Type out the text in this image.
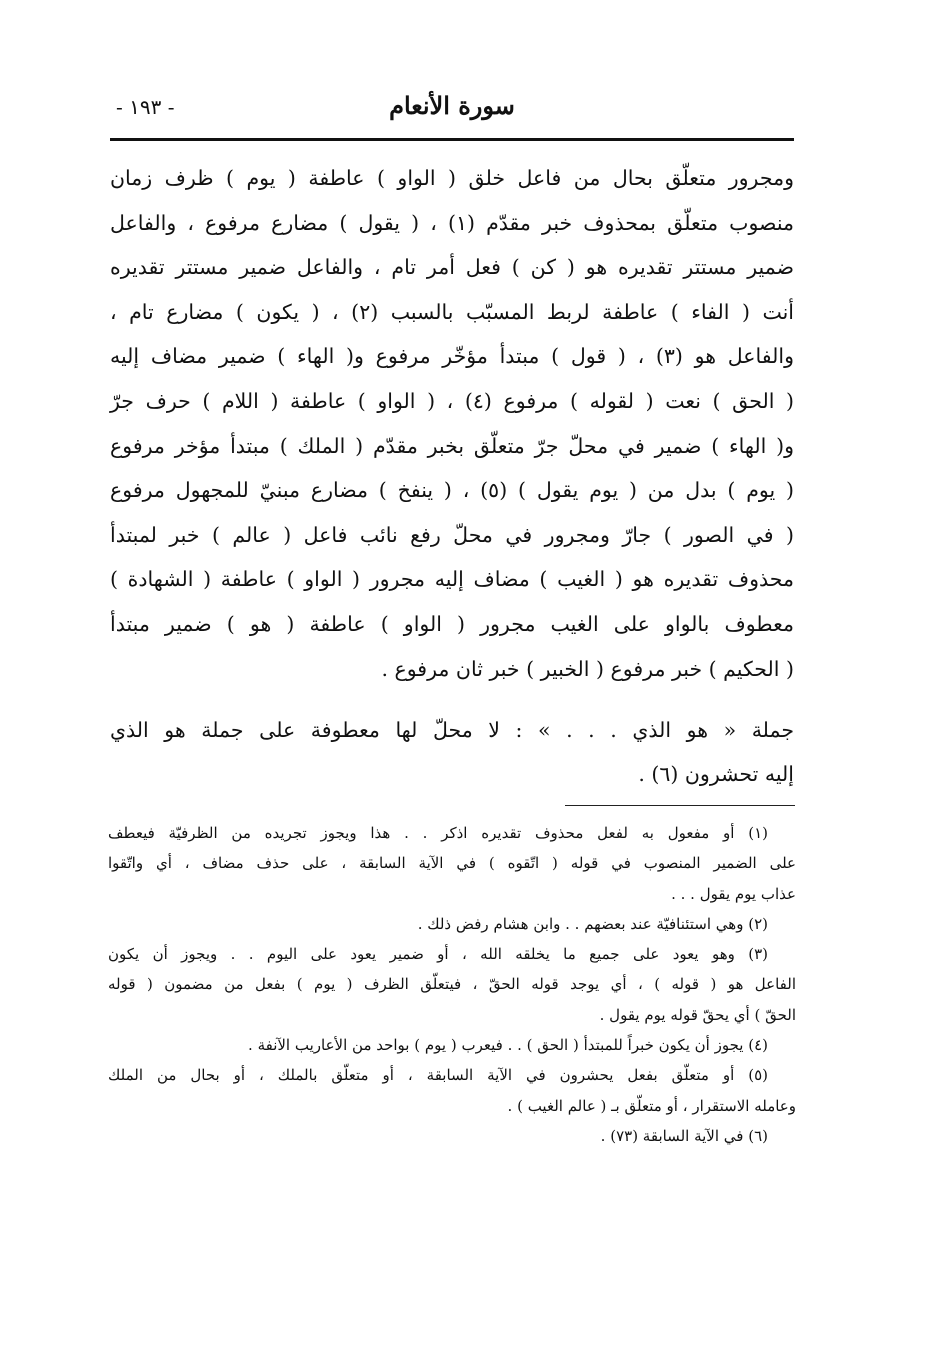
سورة الأنعام
- ١٩٣ -
ومجرور متعلّق بحال من فاعل خلق ( الواو ) عاطفة ( يوم ) ظرف زمان
منصوب متعلّق بمحذوف خبر مقدّم (١) ، ( يقول ) مضارع مرفوع ، والفاعل
ضمير مستتر تقديره هو ( كن ) فعل أمر تام ، والفاعل ضمير مستتر تقديره
أنت ( الفاء ) عاطفة لربط المسبّب بالسبب (٢) ، ( يكون ) مضارع تام ،
والفاعل هو (٣) ، ( قول ) مبتدأ مؤخّر مرفوع و( الهاء ) ضمير مضاف إليه
( الحق ) نعت ( لقوله ) مرفوع (٤) ، ( الواو ) عاطفة ( اللام ) حرف جرّ
و( الهاء ) ضمير في محلّ جرّ متعلّق بخبر مقدّم ( الملك ) مبتدأ مؤخر مرفوع
( يوم ) بدل من ( يوم يقول ) (٥) ، ( ينفخ ) مضارع مبنيّ للمجهول مرفوع
( في الصور ) جارّ ومجرور في محلّ رفع نائب فاعل ( عالم ) خبر لمبتدأ
محذوف تقديره هو ( الغيب ) مضاف إليه مجرور ( الواو ) عاطفة ( الشهادة )
معطوف بالواو على الغيب مجرور ( الواو ) عاطفة ( هو ) ضمير مبتدأ
( الحكيم ) خبر مرفوع ( الخبير ) خبر ثان مرفوع .
جملة « هو الذي . . . » : لا محلّ لها معطوفة على جملة هو الذي
إليه تحشرون (٦) .
(١) أو مفعول به لفعل محذوف تقديره اذكر . . هذا ويجوز تجريده من الظرفيّة فيعطف
على الضمير المنصوب في قوله ( اتّقوه ) في الآية السابقة ، على حذف مضاف ، أي واتّقوا
عذاب يوم يقول . . .
(٢) وهي استئنافيّة عند بعضهم . . وابن هشام رفض ذلك .
(٣) وهو يعود على جميع ما يخلقه الله ، أو ضمير يعود على اليوم . . ويجوز أن يكون
الفاعل هو ( قوله ) ، أي يوجد قوله الحقّ ، فيتعلّق الظرف ( يوم ) بفعل من مضمون ( قوله
الحقّ ) أي يحقّ قوله يوم يقول .
(٤) يجوز أن يكون خبراً للمبتدأ ( الحق ) . . فيعرب ( يوم ) بواحد من الأعاريب الآنفة .
(٥) أو متعلّق بفعل يحشرون في الآية السابقة ، أو متعلّق بالملك ، أو بحال من الملك
وعامله الاستقرار ، أو متعلّق بـ ( عالم الغيب ) .
(٦) في الآية السابقة (٧٣) .
